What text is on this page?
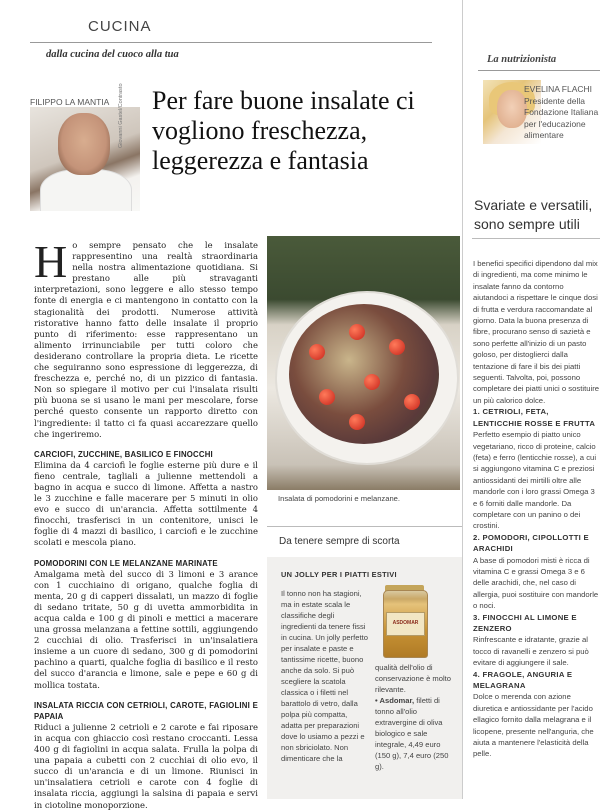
CUCINA
dalla cucina del cuoco alla tua	La nutrizionista
FILIPPO LA MANTIA Giovanni Gastel/Contrasto Per fare buone insalate ci vogliono freschezza, leggerezza e fantasia
EVELINA FLACHI
Presidente della Fondazione Italiana per l'educazione alimentare

Ho sempre pensato che le insalate rappresentino una realtà straordinaria nella nostra alimentazione quotidiana. Si prestano alle più stravaganti interpretazioni, sono leggere e allo stesso tempo fonte di energia e ci mantengono in contatto con la stagionalità dei prodotti. Numerose attività ristorative hanno fatto delle insalate il proprio punto di riferimento: esse rappresentano un alimento irrinunciabile per tutti coloro che desiderano controllare la propria dieta. Le ricette che seguiranno sono espressione di leggerezza, di freschezza e, perché no, di un pizzico di fantasia. Non so spiegare il motivo per cui l'insalata risulti più buona se si usano le mani per mescolare, forse perché questo consente un rapporto diretto con l'ingrediente: il tatto ci fa quasi accarezzare quello che ingeriremo.

CARCIOFI, ZUCCHINE, BASILICO E FINOCCHI

Elimina da 4 carciofi le foglie esterne più dure e il fieno centrale, tagliali a julienne mettendoli a bagno in acqua e succo di limone. Affetta a nastro le 3 zucchine e falle macerare per 5 minuti in olio evo e succo di un'arancia. Affetta sottilmente 4 finocchi, trasferisci in un contenitore, unisci le foglie di 4 mazzi di basilico, i carciofi e le zucchine scolati e mescola piano.

POMODORINI CON LE MELANZANE MARINATE

Amalgama metà del succo di 3 limoni e 3 arance con 1 cucchiaino di origano, qualche foglia di menta, 20 g di capperi dissalati, un mazzo di foglie di sedano tritate, 50 g di uvetta ammorbidita in acqua calda e 100 g di pinoli e mettici a macerare una grossa melanzana a fettine sottili, aggiungendo 2 cucchiai di olio. Trasferisci in un'insalatiera insieme a un cuore di sedano, 300 g di pomodorini pachino a quarti, qualche foglia di basilico e il resto del succo d'arancia e limone, sale e pepe e 60 g di mollica tostata.

INSALATA RICCIA CON CETRIOLI, CAROTE, FAGIOLINI E PAPAIA

Riduci a julienne 2 cetrioli e 2 carote e fai riposare in acqua con ghiaccio così restano croccanti. Lessa 400 g di fagiolini in acqua salata. Frulla la polpa di una papaia a cubetti con 2 cucchiai di olio evo, il succo di un'arancia e di un limone. Riunisci in un'insalatiera cetrioli e carote con 4 foglie di insalata riccia, aggiungi la salsina di papaia e servi in ciotoline monoporzione.

Insalata di pomodorini e melanzane.
Da tenere sempre di scorta
UN JOLLY PER I PIATTI ESTIVI
Il tonno non ha stagioni, ma in estate scala le classifiche degli ingredienti da tenere fissi in cucina. Un jolly perfetto per insalate e paste e tantissime ricette, buono anche da solo. Si può scegliere la scatola classica o i filetti nel barattolo di vetro, dalla polpa più compatta, adatta per preparazioni dove lo usiamo a pezzi e non sbriciolato. Non dimenticare che la
ASDOMAR
qualità dell'olio di conservazione è molto rilevante.
• Asdomar, filetti di tonno all'olio extravergine di oliva biologico e sale integrale, 4,49 euro (150 g), 7,4 euro (250 g).
Svariate e versatili, sono sempre utili
I benefici specifici dipendono dal mix di ingredienti, ma come minimo le insalate fanno da contorno aiutandoci a rispettare le cinque dosi di frutta e verdura raccomandate al giorno. Data la buona presenza di fibre, procurano senso di sazietà e sono perfette all'inizio di un pasto goloso, per distoglierci dalla tentazione di fare il bis dei piatti seguenti. Talvolta, poi, possono completare dei piatti unici o sostituire un più calorico dolce.
1. CETRIOLI, FETA, LENTICCHIE ROSSE E FRUTTA
Perfetto esempio di piatto unico vegetariano, ricco di proteine, calcio (feta) e ferro (lenticchie rosse), a cui si aggiungono vitamina C e preziosi antiossidanti dei mirtilli oltre alle mandorle con i loro grassi Omega 3 e 6 forniti dalle mandorle. Da completare con un panino o dei crostini.
2. POMODORI, CIPOLLOTTI E ARACHIDI
A base di pomodori misti è ricca di vitamina C e grassi Omega 3 e 6 delle arachidi, che, nel caso di allergia, puoi sostituire con mandorle o noci.
3. FINOCCHI AL LIMONE E ZENZERO
Rinfrescante e idratante, grazie al tocco di ravanelli e zenzero si può evitare di aggiungere il sale.
4. FRAGOLE, ANGURIA E MELAGRANA
Dolce o merenda con azione diuretica e antiossidante per l'acido ellagico fornito dalla melagrana e il licopene, presente nell'anguria, che aiuta a mantenere l'elasticità della pelle.
